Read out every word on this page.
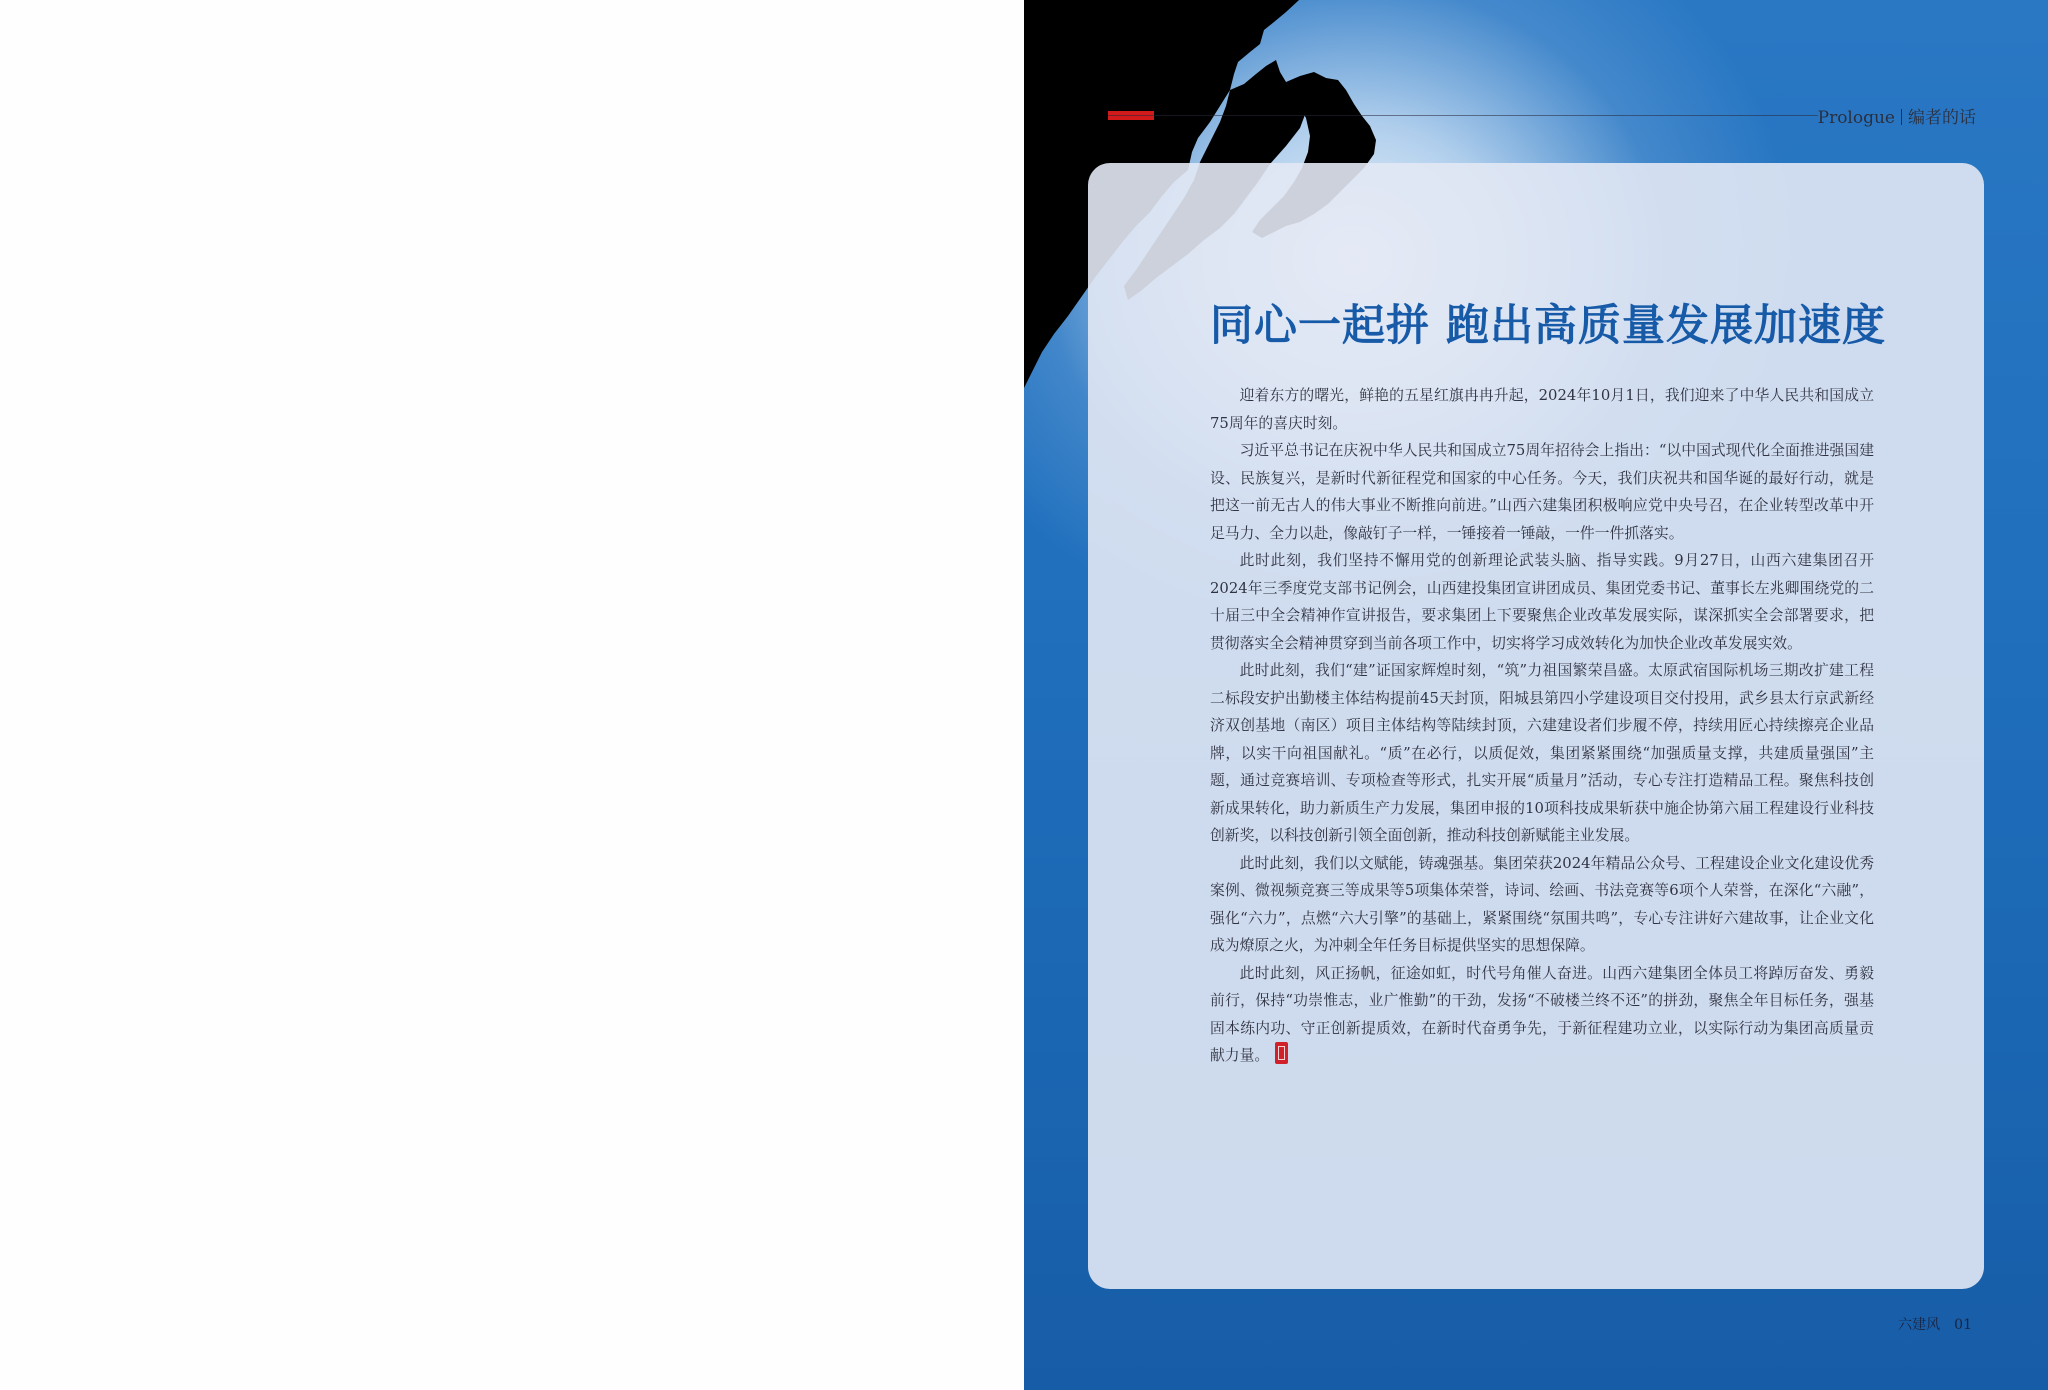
Prologue 编者的话
同心一起拼 跑出高质量发展加速度

迎着东方的曙光，鲜艳的五星红旗冉冉升起，2024年10月1日，我们迎来了中华人民共和国成立75周年的喜庆时刻。

习近平总书记在庆祝中华人民共和国成立75周年招待会上指出：“以中国式现代化全面推进强国建设、民族复兴，是新时代新征程党和国家的中心任务。今天，我们庆祝共和国华诞的最好行动，就是把这一前无古人的伟大事业不断推向前进。”山西六建集团积极响应党中央号召，在企业转型改革中开足马力、全力以赴，像敲钉子一样，一锤接着一锤敲，一件一件抓落实。

此时此刻，我们坚持不懈用党的创新理论武装头脑、指导实践。9月27日，山西六建集团召开2024年三季度党支部书记例会，山西建投集团宣讲团成员、集团党委书记、董事长左兆卿围绕党的二十届三中全会精神作宣讲报告，要求集团上下要聚焦企业改革发展实际，谋深抓实全会部署要求，把贯彻落实全会精神贯穿到当前各项工作中，切实将学习成效转化为加快企业改革发展实效。

此时此刻，我们“建”证国家辉煌时刻，“筑”力祖国繁荣昌盛。太原武宿国际机场三期改扩建工程二标段安护出勤楼主体结构提前45天封顶，阳城县第四小学建设项目交付投用，武乡县太行京武新经济双创基地（南区）项目主体结构等陆续封顶，六建建设者们步履不停，持续用匠心持续擦亮企业品牌，以实干向祖国献礼。“质”在必行，以质促效，集团紧紧围绕“加强质量支撑，共建质量强国”主题，通过竞赛培训、专项检查等形式，扎实开展“质量月”活动，专心专注打造精品工程。聚焦科技创新成果转化，助力新质生产力发展，集团申报的10项科技成果斩获中施企协第六届工程建设行业科技创新奖，以科技创新引领全面创新，推动科技创新赋能主业发展。

此时此刻，我们以文赋能，铸魂强基。集团荣获2024年精品公众号、工程建设企业文化建设优秀案例、微视频竞赛三等成果等5项集体荣誉，诗词、绘画、书法竞赛等6项个人荣誉，在深化“六融”，强化“六力”，点燃“六大引擎”的基础上，紧紧围绕“氛围共鸣”，专心专注讲好六建故事，让企业文化成为燎原之火，为冲刺全年任务目标提供坚实的思想保障。

此时此刻，风正扬帆，征途如虹，时代号角催人奋进。山西六建集团全体员工将踔厉奋发、勇毅前行，保持“功崇惟志，业广惟勤”的干劲，发扬“不破楼兰终不还”的拼劲，聚焦全年目标任务，强基固本练内功、守正创新提质效，在新时代奋勇争先，于新征程建功立业，以实际行动为集团高质量贡献力量。

六建风 01
